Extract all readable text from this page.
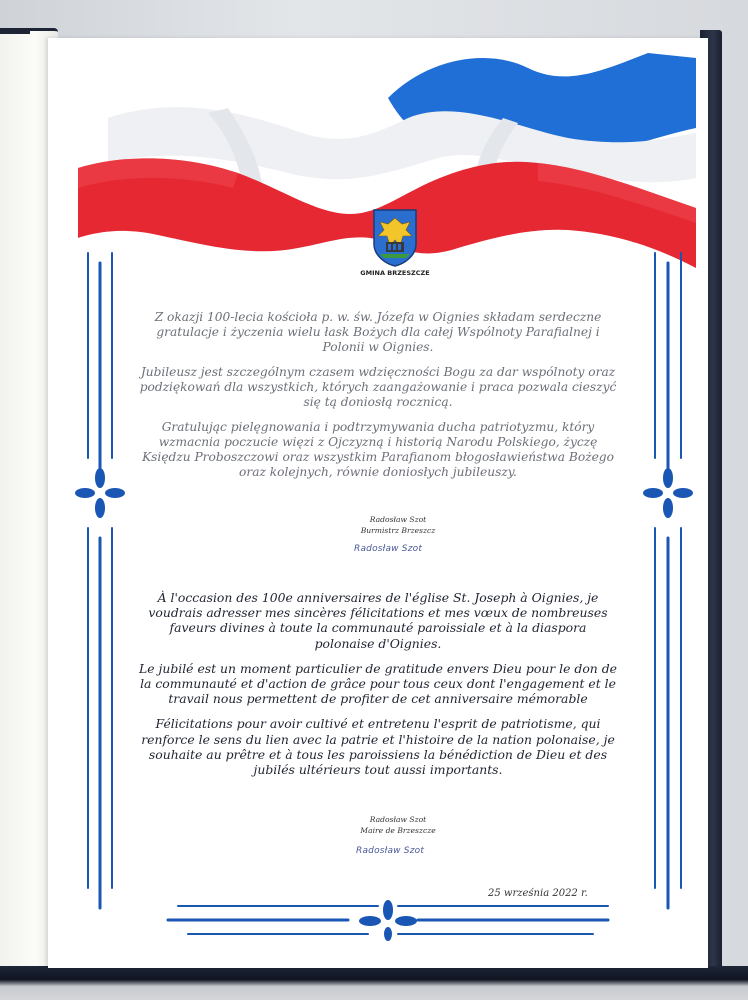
GMINA BRZESZCZE

Z okazji 100-lecia kościoła p. w. św. Józefa w Oignies składam serdeczne gratulacje i życzenia wielu łask Bożych dla całej Wspólnoty Parafialnej i Polonii w Oignies.

Jubileusz jest szczególnym czasem wdzięczności Bogu za dar wspólnoty oraz podziękowań dla wszystkich, których zaangażowanie i praca pozwala cieszyć się tą doniosłą rocznicą.

Gratulując pielęgnowania i podtrzymywania ducha patriotyzmu, który wzmacnia poczucie więzi z Ojczyzną i historią Narodu Polskiego, życzę Księdzu Proboszczowi oraz wszystkim Parafianom błogosławieństwa Bożego oraz kolejnych, równie doniosłych jubileuszy.

Radosław Szot
Burmistrz Brzeszcz
Radosław Szot

À l'occasion des 100e anniversaires de l'église St. Joseph à Oignies, je voudrais adresser mes sincères félicitations et mes vœux de nombreuses faveurs divines à toute la communauté paroissiale et à la diaspora polonaise d'Oignies.

Le jubilé est un moment particulier de gratitude envers Dieu pour le don de la communauté et d'action de grâce pour tous ceux dont l'engagement et le travail nous permettent de profiter de cet anniversaire mémorable

Félicitations pour avoir cultivé et entretenu l'esprit de patriotisme, qui renforce le sens du lien avec la patrie et l'histoire de la nation polonaise, je souhaite au prêtre et à tous les paroissiens la bénédiction de Dieu et des jubilés ultérieurs tout aussi importants.

Radosław Szot
Maire de Brzeszcze
Radosław Szot
25 września 2022 r.
